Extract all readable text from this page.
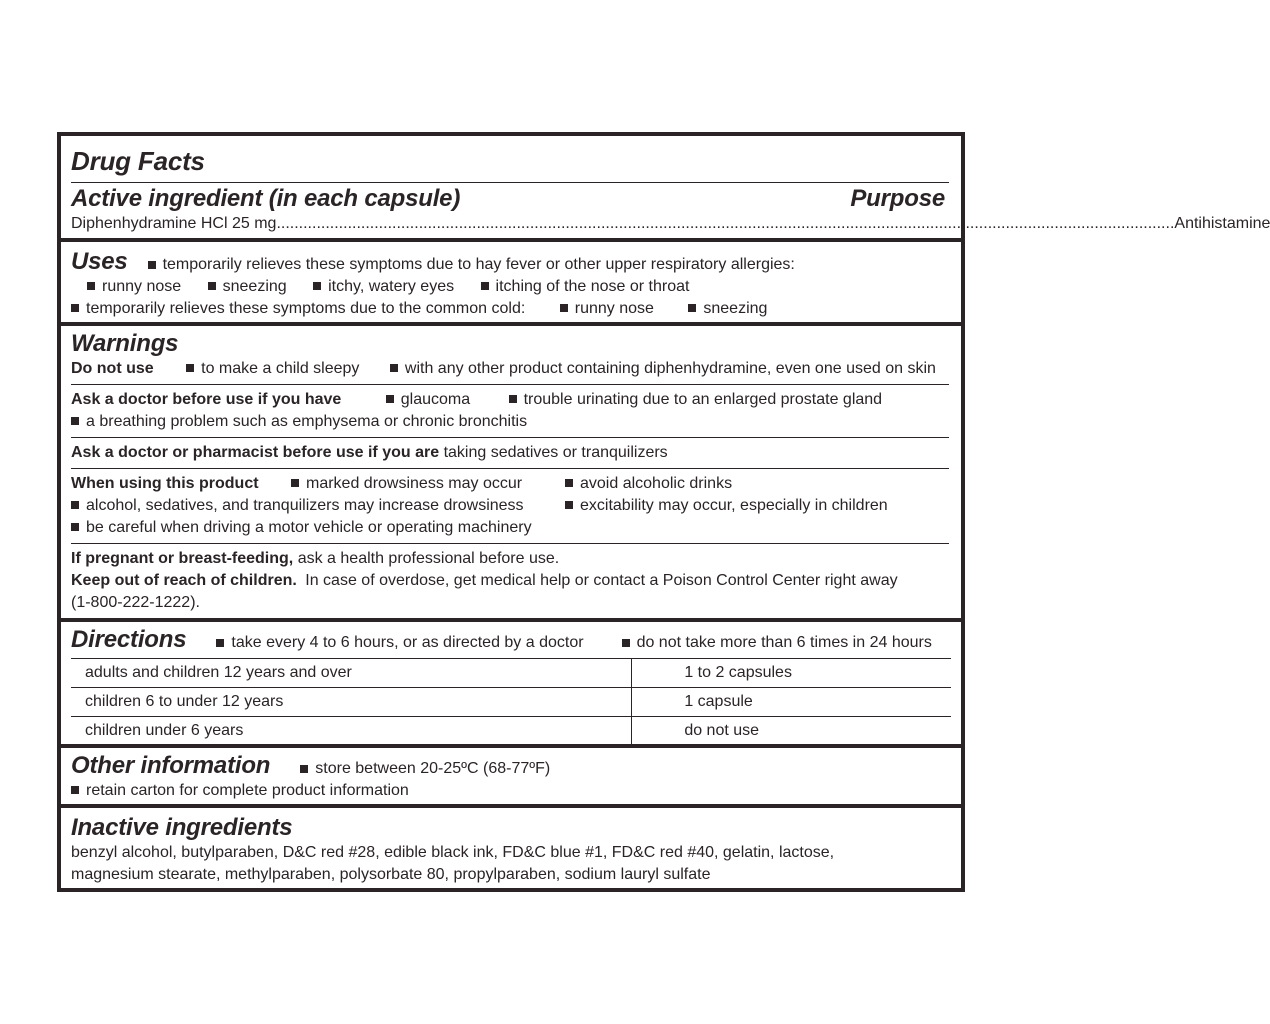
Drug Facts
Active ingredient (in each capsule)	Purpose
Diphenhydramine HCl 25 mg .......................................................................................................................................................................................................... Antihistamine
Uses temporarily relieves these symptoms due to hay fever or other upper respiratory allergies:
runny nose	sneezing	itchy, watery eyes	itching of the nose or throat
temporarily relieves these symptoms due to the common cold:	runny nose	sneezing
Warnings
Do not use	to make a child sleepy	with any other product containing diphenhydramine, even one used on skin
Ask a doctor before use if you have	glaucoma	trouble urinating due to an enlarged prostate gland
a breathing problem such as emphysema or chronic bronchitis
Ask a doctor or pharmacist before use if you are taking sedatives or tranquilizers
When using this product	marked drowsiness may occur	avoid alcoholic drinks
alcohol, sedatives, and tranquilizers may increase drowsiness	excitability may occur, especially in children
be careful when driving a motor vehicle or operating machinery
If pregnant or breast-feeding, ask a health professional before use.
Keep out of reach of children. In case of overdose, get medical help or contact a Poison Control Center right away
(1-800-222-1222).
Directions	take every 4 to 6 hours, or as directed by a doctor	do not take more than 6 times in 24 hours
adults and children 12 years and over	1 to 2 capsules
children 6 to under 12 years	1 capsule
children under 6 years	do not use
Other information	store between 20-25ºC (68-77ºF)
retain carton for complete product information
Inactive ingredients
benzyl alcohol, butylparaben, D&C red #28, edible black ink, FD&C blue #1, FD&C red #40, gelatin, lactose,
magnesium stearate, methylparaben, polysorbate 80, propylparaben, sodium lauryl sulfate
